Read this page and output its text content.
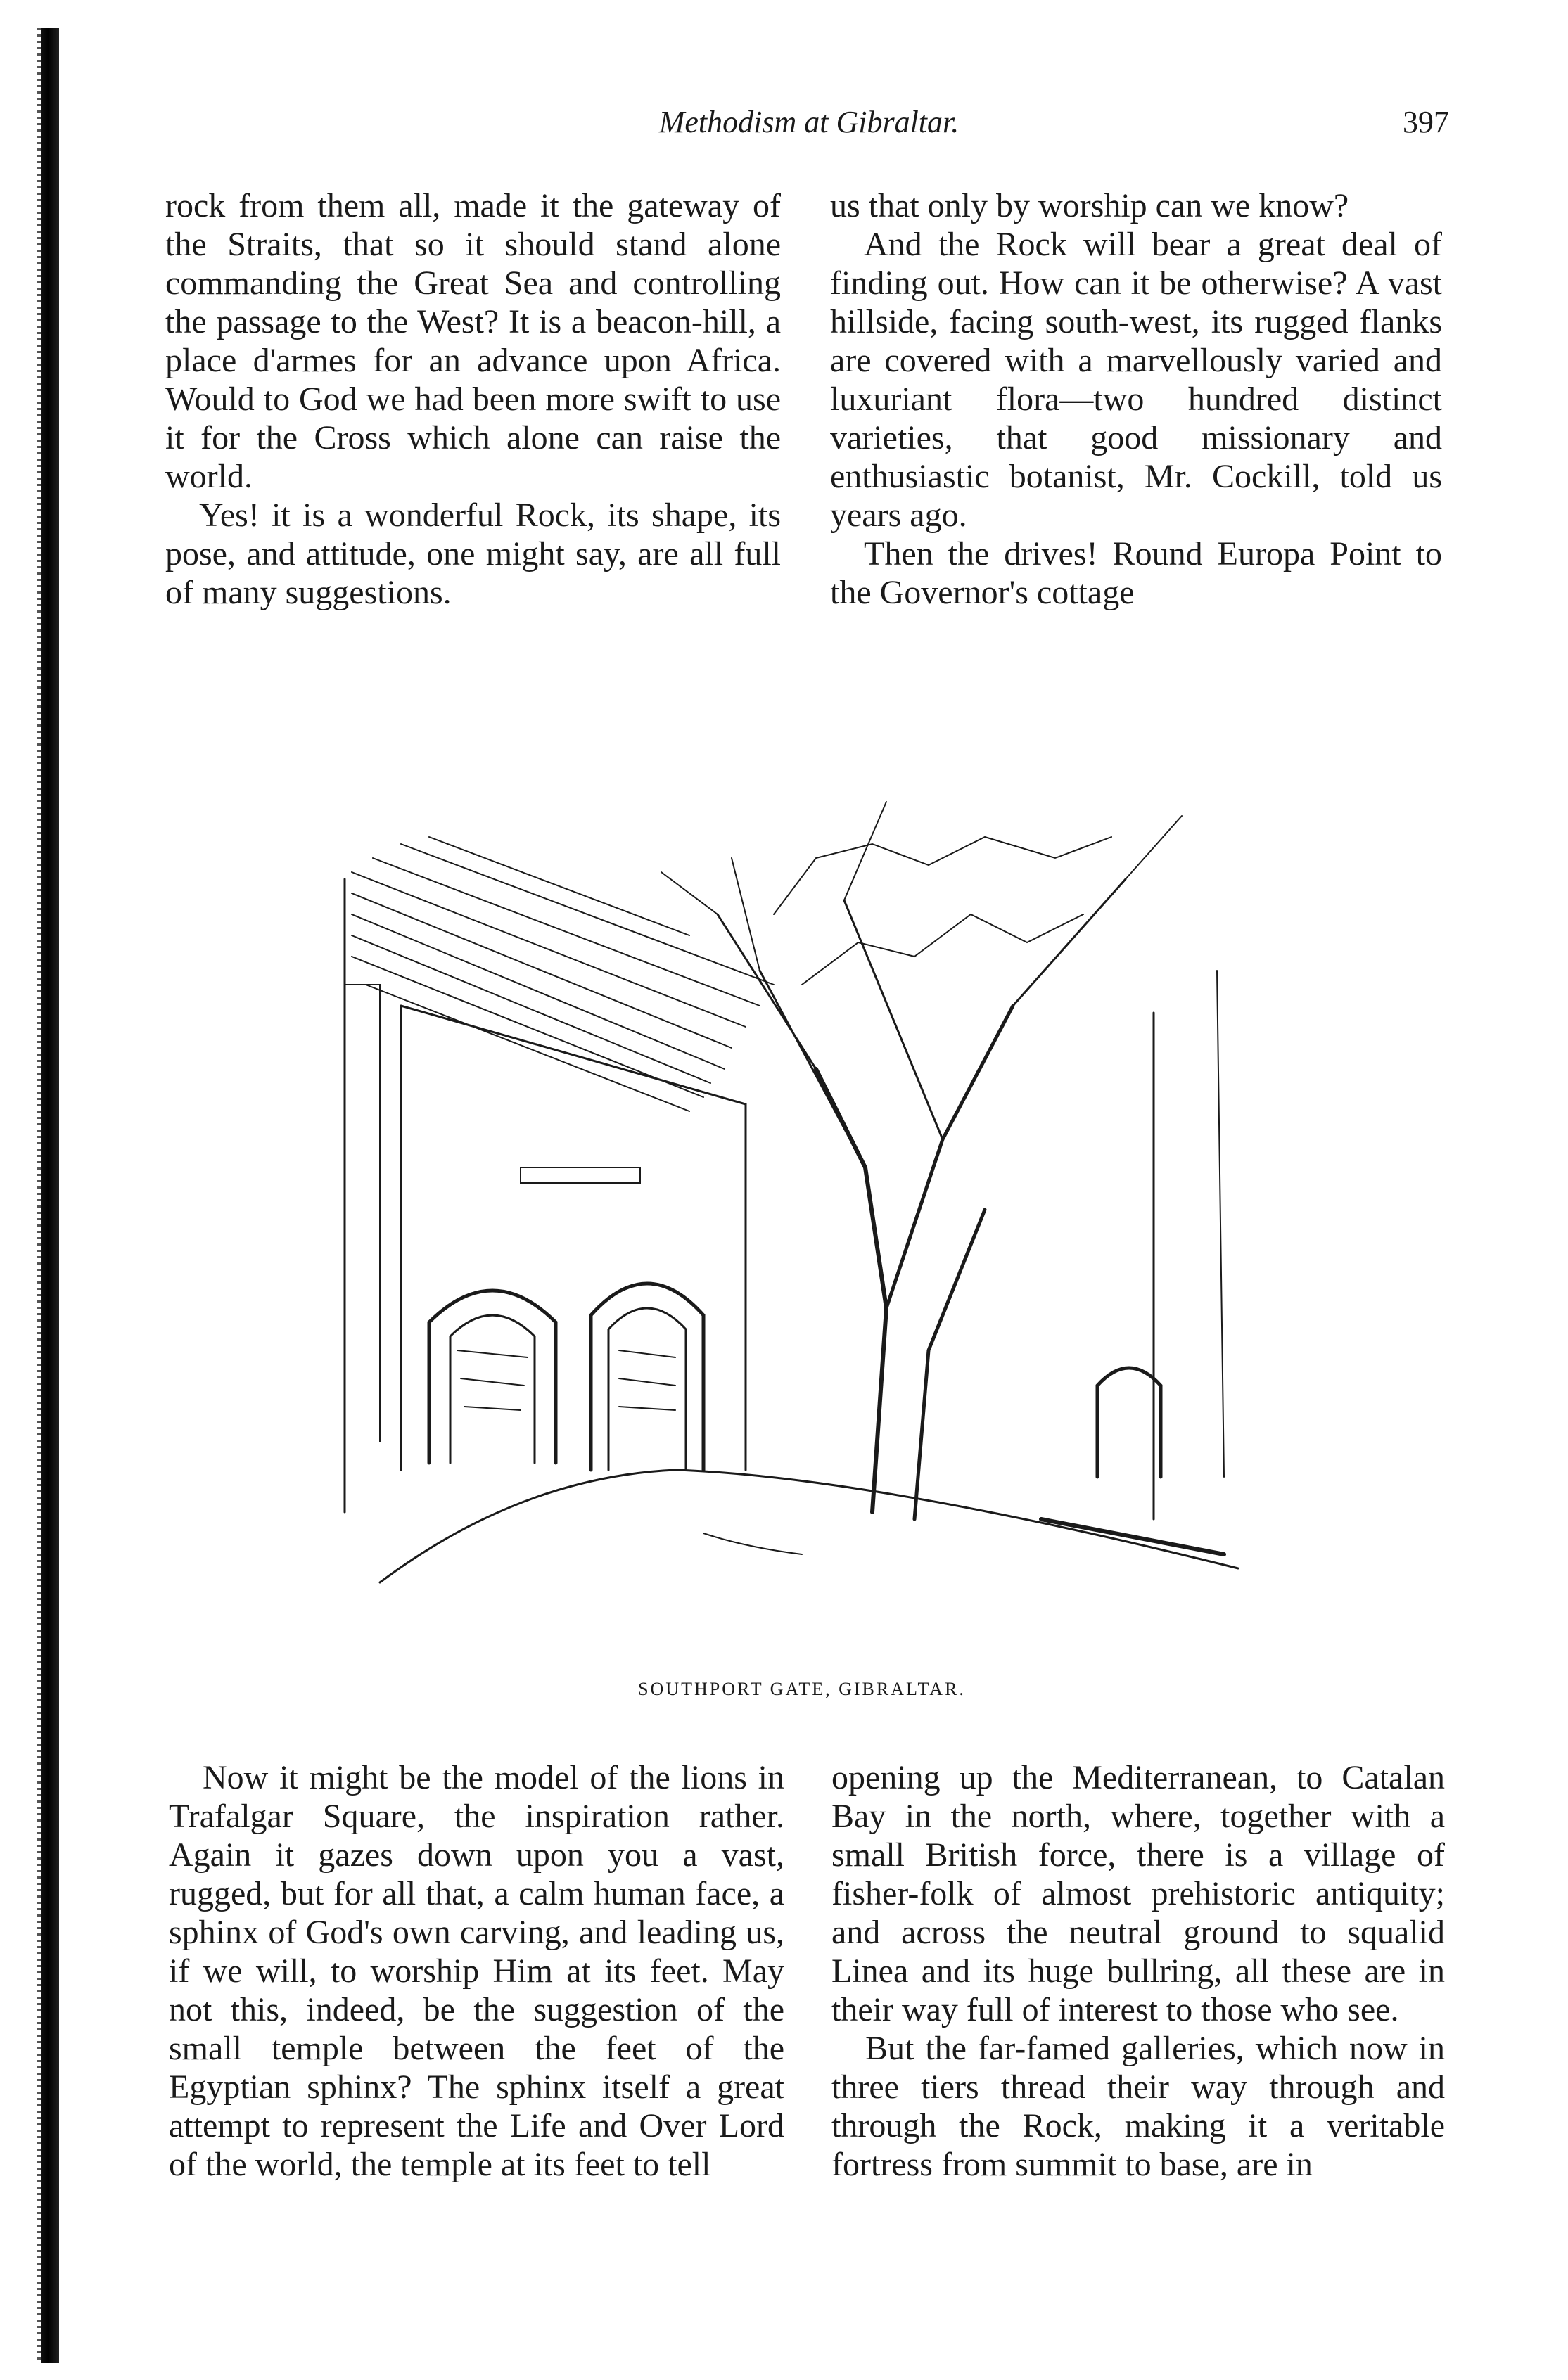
Methodism at Gibraltar.	397

rock from them all, made it the gateway of the Straits, that so it should stand alone commanding the Great Sea and controlling the passage to the West? It is a beacon-hill, a place d'armes for an advance upon Africa. Would to God we had been more swift to use it for the Cross which alone can raise the world.

Yes! it is a wonderful Rock, its shape, its pose, and attitude, one might say, are all full of many suggestions.

us that only by worship can we know?

And the Rock will bear a great deal of finding out. How can it be otherwise? A vast hillside, facing south-west, its rugged flanks are covered with a marvellously varied and luxuriant flora—two hundred distinct varieties, that good missionary and enthusiastic botanist, Mr. Cockill, told us years ago.

Then the drives! Round Europa Point to the Governor's cottage

SOUTHPORT GATE, GIBRALTAR.

Now it might be the model of the lions in Trafalgar Square, the inspiration rather. Again it gazes down upon you a vast, rugged, but for all that, a calm human face, a sphinx of God's own carving, and leading us, if we will, to worship Him at its feet. May not this, indeed, be the suggestion of the small temple between the feet of the Egyptian sphinx? The sphinx itself a great attempt to represent the Life and Over Lord of the world, the temple at its feet to tell

opening up the Mediterranean, to Catalan Bay in the north, where, together with a small British force, there is a village of fisher-folk of almost prehistoric antiquity; and across the neutral ground to squalid Linea and its huge bullring, all these are in their way full of interest to those who see.

But the far-famed galleries, which now in three tiers thread their way through and through the Rock, making it a veritable fortress from summit to base, are in
